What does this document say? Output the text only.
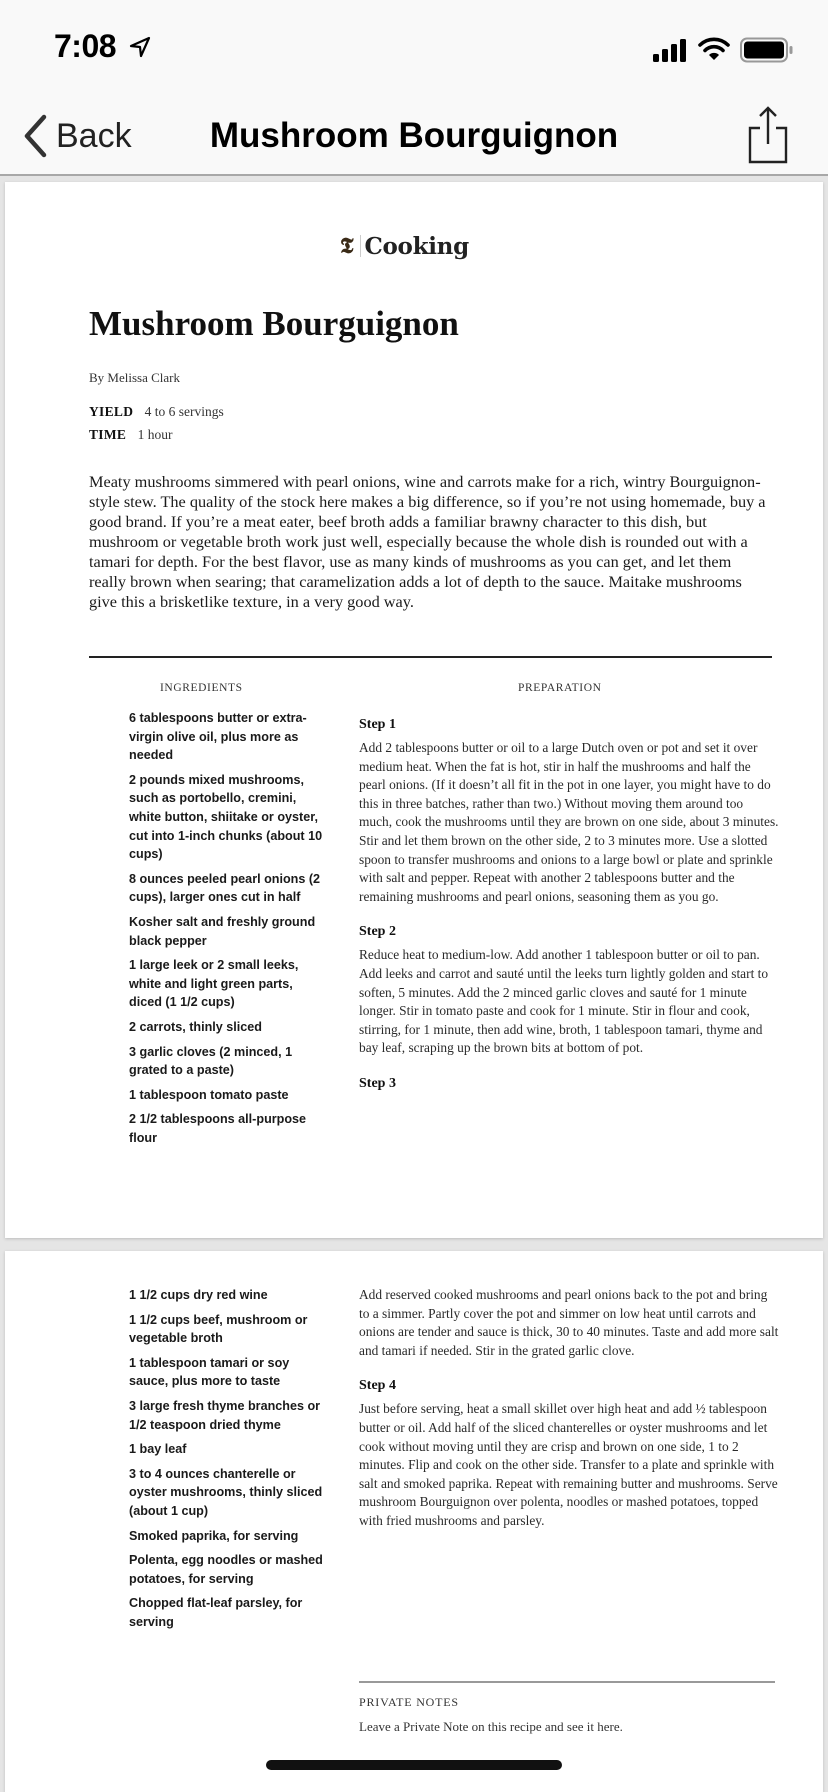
7:08
Back	Mushroom Bourguignon
𝕿 Cooking
Mushroom Bourguignon
By Melissa Clark
YIELD 4 to 6 servings
TIME 1 hour

Meaty mushrooms simmered with pearl onions, wine and carrots make for a rich, wintry Bourguignon-style stew. The quality of the stock here makes a big difference, so if you’re not using homemade, buy a good brand. If you’re a meat eater, beef broth adds a familiar brawny character to this dish, but mushroom or vegetable broth work just well, especially because the whole dish is rounded out with a tamari for depth. For the best flavor, use as many kinds of mushrooms as you can get, and let them really brown when searing; that caramelization adds a lot of depth to the sauce. Maitake mushrooms give this a brisketlike texture, in a very good way.

INGREDIENTS	PREPARATION
6 tablespoons butter or extra-virgin olive oil, plus more as needed
2 pounds mixed mushrooms, such as portobello, cremini, white button, shiitake or oyster, cut into 1-inch chunks (about 10 cups)
8 ounces peeled pearl onions (2 cups), larger ones cut in half
Kosher salt and freshly ground black pepper
1 large leek or 2 small leeks, white and light green parts, diced (1 1/2 cups)
2 carrots, thinly sliced
3 garlic cloves (2 minced, 1 grated to a paste)
1 tablespoon tomato paste
2 1/2 tablespoons all-purpose flour
Step 1

Add 2 tablespoons butter or oil to a large Dutch oven or pot and set it over medium heat. When the fat is hot, stir in half the mushrooms and half the pearl onions. (If it doesn’t all fit in the pot in one layer, you might have to do this in three batches, rather than two.) Without moving them around too much, cook the mushrooms until they are brown on one side, about 3 minutes. Stir and let them brown on the other side, 2 to 3 minutes more. Use a slotted spoon to transfer mushrooms and onions to a large bowl or plate and sprinkle with salt and pepper. Repeat with another 2 tablespoons butter and the remaining mushrooms and pearl onions, seasoning them as you go.

Step 2

Reduce heat to medium-low. Add another 1 tablespoon butter or oil to pan. Add leeks and carrot and sauté until the leeks turn lightly golden and start to soften, 5 minutes. Add the 2 minced garlic cloves and sauté for 1 minute longer. Stir in tomato paste and cook for 1 minute. Stir in flour and cook, stirring, for 1 minute, then add wine, broth, 1 tablespoon tamari, thyme and bay leaf, scraping up the brown bits at bottom of pot.

Step 3
1 1/2 cups dry red wine
1 1/2 cups beef, mushroom or vegetable broth
1 tablespoon tamari or soy sauce, plus more to taste
3 large fresh thyme branches or 1/2 teaspoon dried thyme
1 bay leaf
3 to 4 ounces chanterelle or oyster mushrooms, thinly sliced (about 1 cup)
Smoked paprika, for serving
Polenta, egg noodles or mashed potatoes, for serving
Chopped flat-leaf parsley, for serving

Add reserved cooked mushrooms and pearl onions back to the pot and bring to a simmer. Partly cover the pot and simmer on low heat until carrots and onions are tender and sauce is thick, 30 to 40 minutes. Taste and add more salt and tamari if needed. Stir in the grated garlic clove.

Step 4

Just before serving, heat a small skillet over high heat and add ½ tablespoon butter or oil. Add half of the sliced chanterelles or oyster mushrooms and let cook without moving until they are crisp and brown on one side, 1 to 2 minutes. Flip and cook on the other side. Transfer to a plate and sprinkle with salt and smoked paprika. Repeat with remaining butter and mushrooms. Serve mushroom Bourguignon over polenta, noodles or mashed potatoes, topped with fried mushrooms and parsley.

PRIVATE NOTES
Leave a Private Note on this recipe and see it here.
